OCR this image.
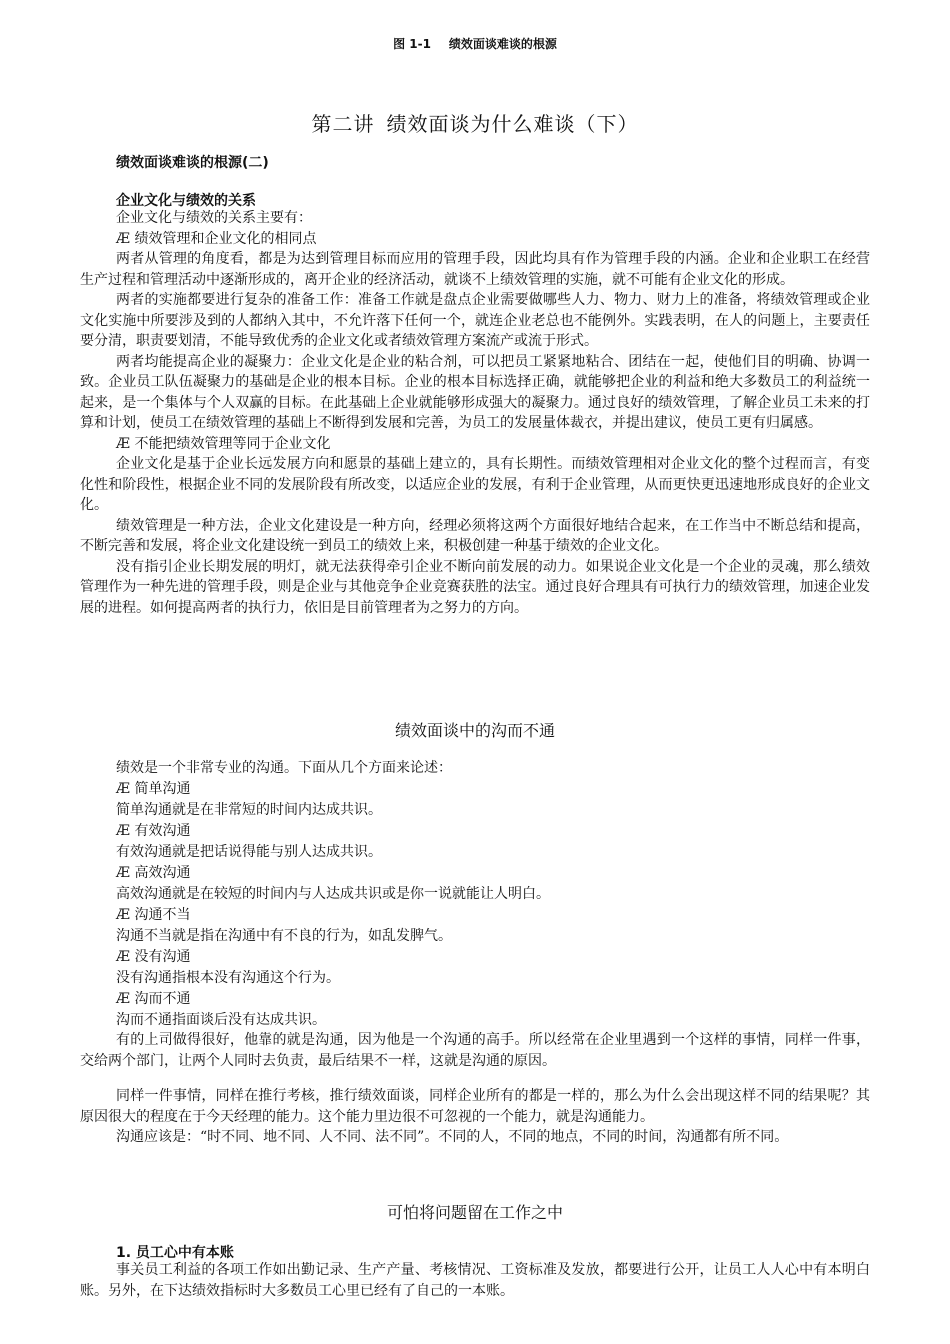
图 1-1 绩效面谈难谈的根源
第二讲 绩效面谈为什么难谈（下）
绩效面谈难谈的根源(二)
企业文化与绩效的关系

企业文化与绩效的关系主要有：

Æ 绩效管理和企业文化的相同点

两者从管理的角度看，都是为达到管理目标而应用的管理手段，因此均具有作为管理手段的内涵。企业和企业职工在经营生产过程和管理活动中逐渐形成的，离开企业的经济活动，就谈不上绩效管理的实施，就不可能有企业文化的形成。

两者的实施都要进行复杂的准备工作：准备工作就是盘点企业需要做哪些人力、物力、财力上的准备，将绩效管理或企业文化实施中所要涉及到的人都纳入其中，不允许落下任何一个，就连企业老总也不能例外。实践表明，在人的问题上，主要责任要分清，职责要划清，不能导致优秀的企业文化或者绩效管理方案流产或流于形式。

两者均能提高企业的凝聚力：企业文化是企业的粘合剂，可以把员工紧紧地粘合、团结在一起，使他们目的明确、协调一致。企业员工队伍凝聚力的基础是企业的根本目标。企业的根本目标选择正确，就能够把企业的利益和绝大多数员工的利益统一起来，是一个集体与个人双赢的目标。在此基础上企业就能够形成强大的凝聚力。通过良好的绩效管理，了解企业员工未来的打算和计划，使员工在绩效管理的基础上不断得到发展和完善，为员工的发展量体裁衣，并提出建议，使员工更有归属感。

Æ 不能把绩效管理等同于企业文化

企业文化是基于企业长远发展方向和愿景的基础上建立的，具有长期性。而绩效管理相对企业文化的整个过程而言，有变化性和阶段性，根据企业不同的发展阶段有所改变，以适应企业的发展，有利于企业管理，从而更快更迅速地形成良好的企业文化。

绩效管理是一种方法，企业文化建设是一种方向，经理必须将这两个方面很好地结合起来，在工作当中不断总结和提高，不断完善和发展，将企业文化建设统一到员工的绩效上来，积极创建一种基于绩效的企业文化。

没有指引企业长期发展的明灯，就无法获得牵引企业不断向前发展的动力。如果说企业文化是一个企业的灵魂，那么绩效管理作为一种先进的管理手段，则是企业与其他竞争企业竞赛获胜的法宝。通过良好合理具有可执行力的绩效管理，加速企业发展的进程。如何提高两者的执行力，依旧是目前管理者为之努力的方向。

绩效面谈中的沟而不通
绩效是一个非常专业的沟通。下面从几个方面来论述：
Æ 简单沟通
简单沟通就是在非常短的时间内达成共识。
Æ 有效沟通
有效沟通就是把话说得能与别人达成共识。
Æ 高效沟通
高效沟通就是在较短的时间内与人达成共识或是你一说就能让人明白。
Æ 沟通不当
沟通不当就是指在沟通中有不良的行为，如乱发脾气。
Æ 没有沟通
没有沟通指根本没有沟通这个行为。
Æ 沟而不通
沟而不通指面谈后没有达成共识。

有的上司做得很好，他靠的就是沟通，因为他是一个沟通的高手。所以经常在企业里遇到一个这样的事情，同样一件事，交给两个部门，让两个人同时去负责，最后结果不一样，这就是沟通的原因。

同样一件事情，同样在推行考核，推行绩效面谈，同样企业所有的都是一样的，那么为什么会出现这样不同的结果呢？其原因很大的程度在于今天经理的能力。这个能力里边很不可忽视的一个能力，就是沟通能力。

沟通应该是：“时不同、地不同、人不同、法不同”。不同的人，不同的地点，不同的时间，沟通都有所不同。

可怕将问题留在工作之中
1. 员工心中有本账

事关员工利益的各项工作如出勤记录、生产产量、考核情况、工资标准及发放，都要进行公开，让员工人人心中有本明白账。另外，在下达绩效指标时大多数员工心里已经有了自己的一本账。
